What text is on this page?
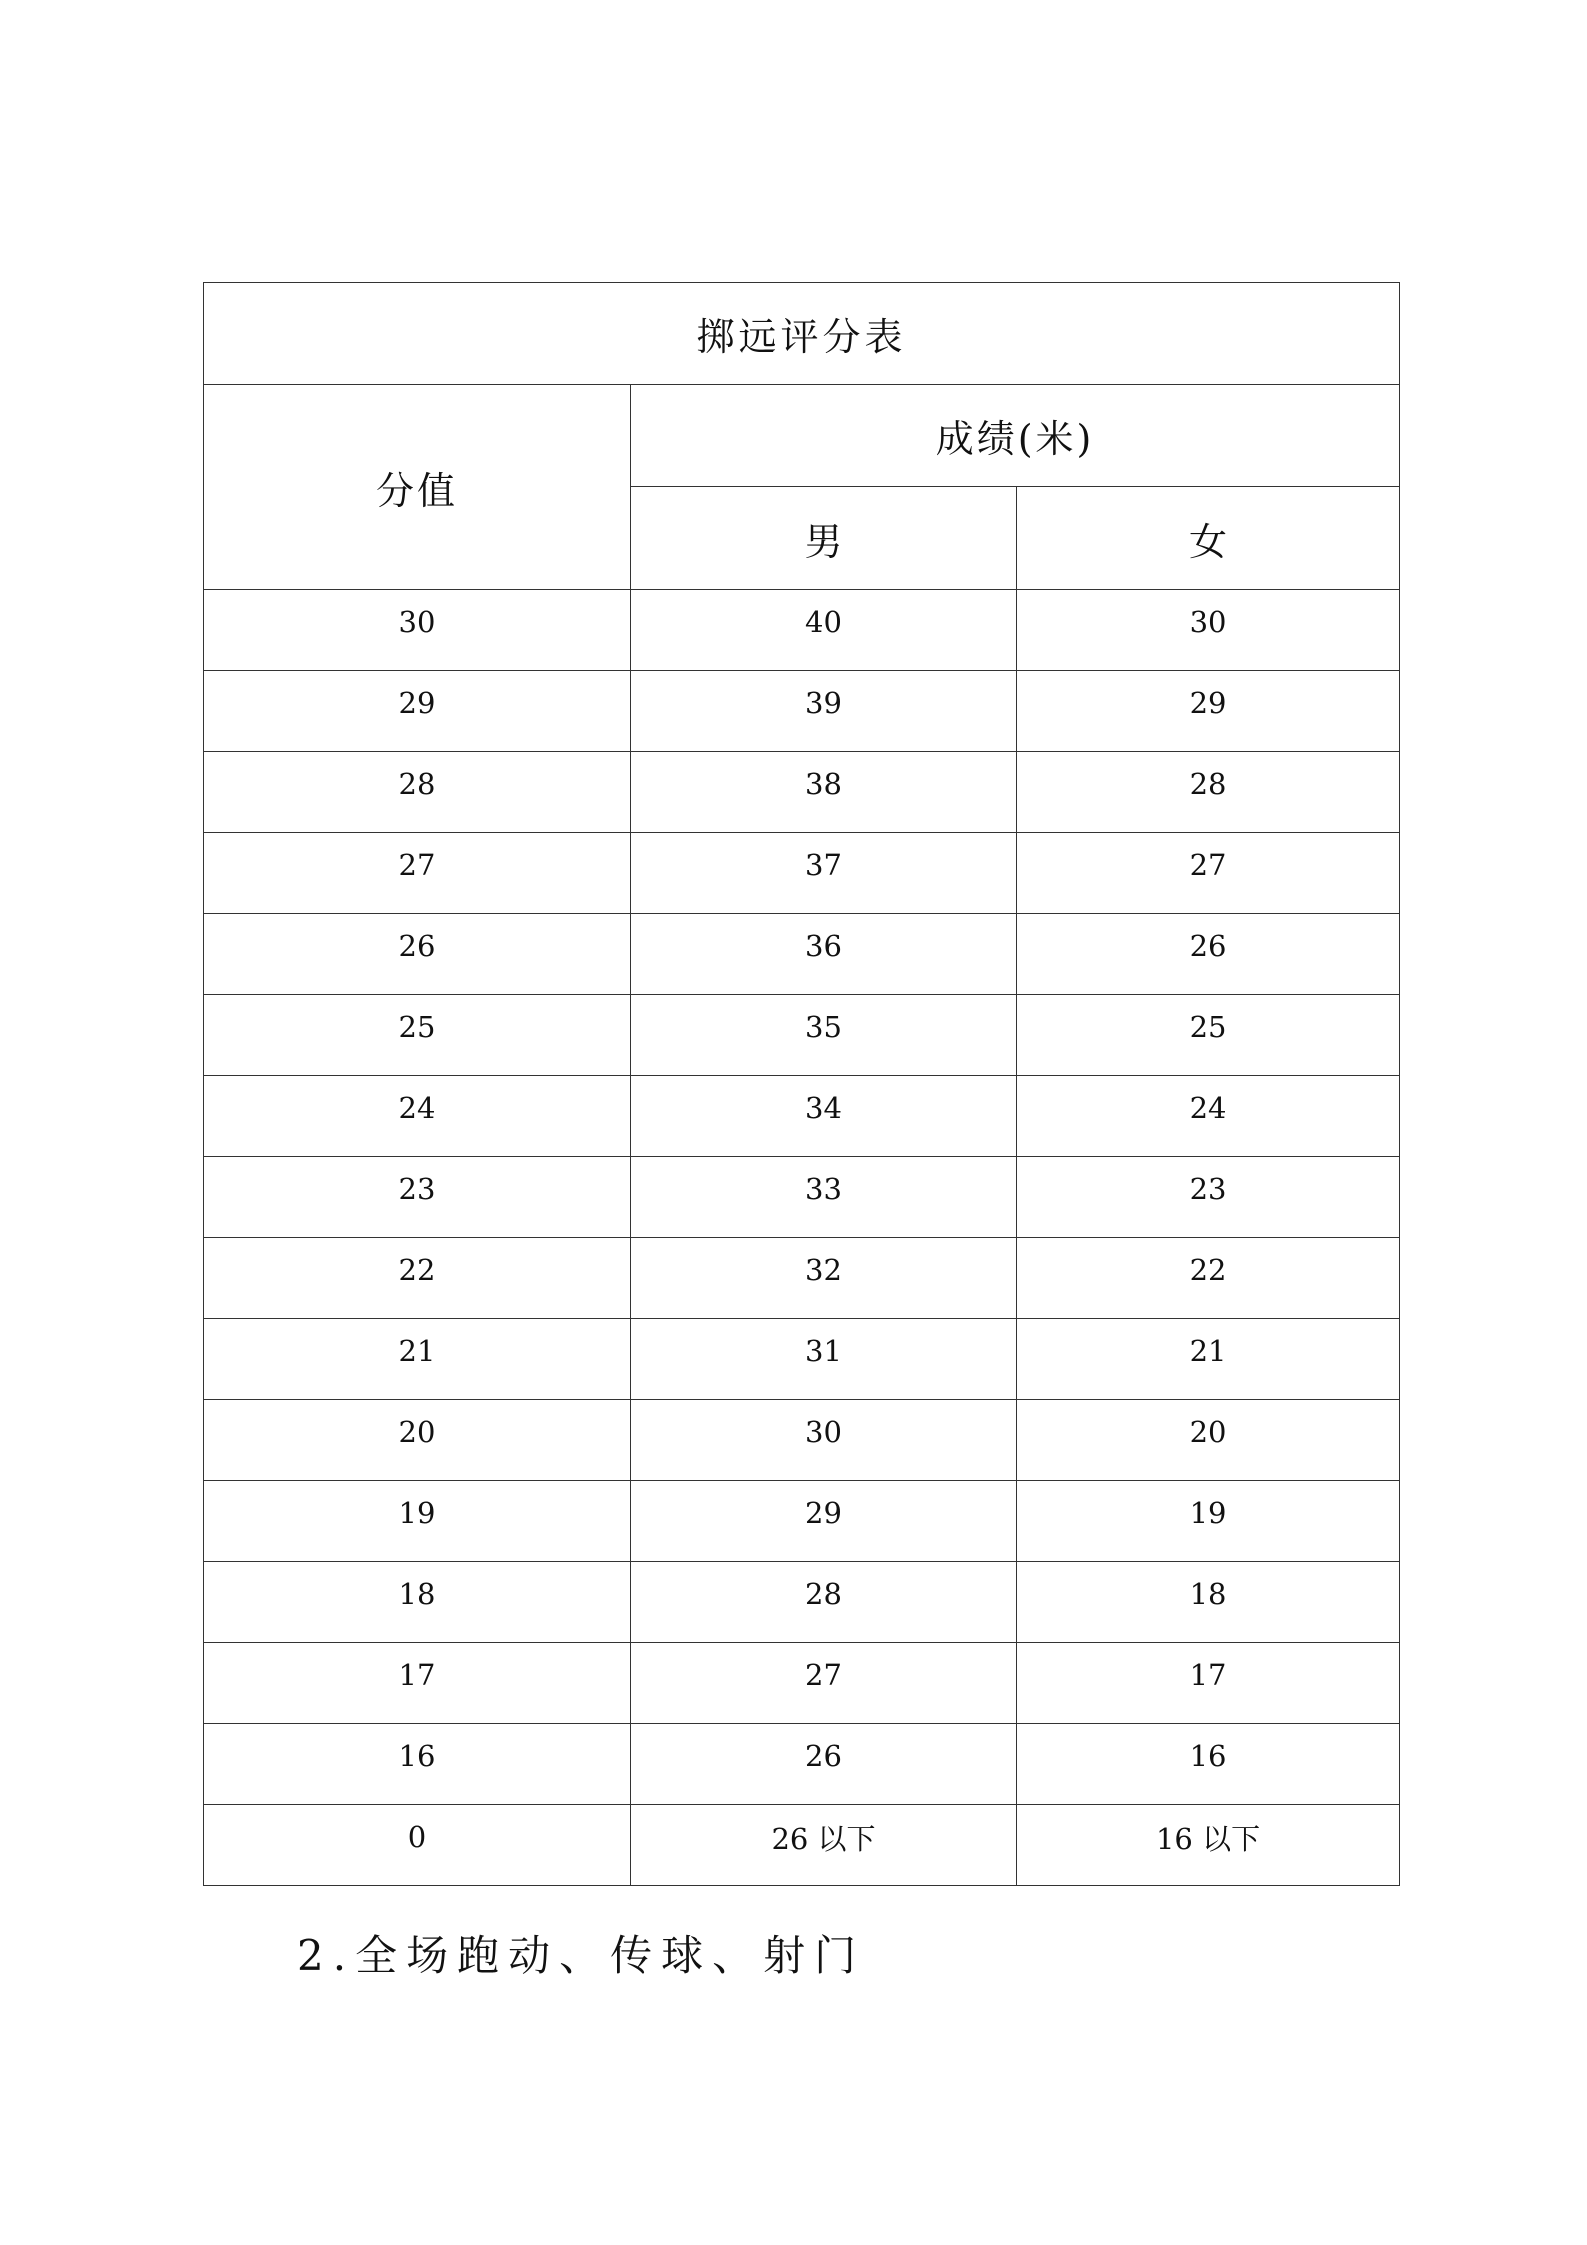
掷远评分表		
分值	成绩(米)	
	男	女
30	40	30
29	39	29
28	38	28
27	37	27
26	36	26
25	35	25
24	34	24
23	33	23
22	32	22
21	31	21
20	30	20
19	29	19
18	28	18
17	27	17
16	26	16
0	26 以下	16 以下
2.全场跑动、传球、射门
